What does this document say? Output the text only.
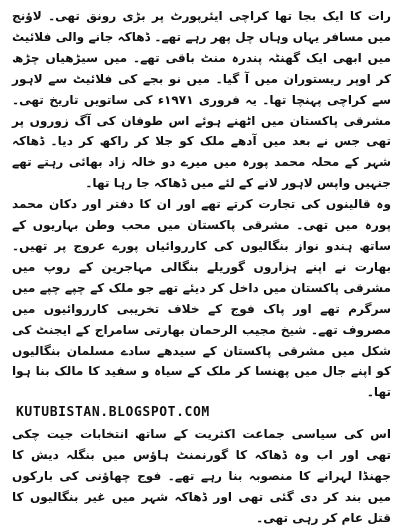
رات کا ایک بجا تھا کراچی ایئرپورٹ پر بڑی رونق تھی۔ لاؤنج میں مسافر یہاں وہاں چل پھر رہے تھے۔ ڈھاکہ جانے والی فلائیٹ میں ابھی ایک گھنٹہ پندرہ منٹ باقی تھے۔ میں سیڑھیاں چڑھ کر اوپر ریستوران میں آ گیا۔ میں نو بجے کی فلائیٹ سے لاہور سے کراچی پہنچا تھا۔ یہ فروری ۱۹۷۱ء کی ساتویں تاریخ تھی۔ مشرقی پاکستان میں اٹھنے ہوئے اس طوفان کی آگ زوروں پر تھی جس نے بعد میں آدھے ملک کو جلا کر راکھ کر دیا۔ ڈھاکہ شہر کے محلہ محمد پورہ میں میرے دو خالہ زاد بھائی رہتے تھے جنہیں واپس لاہور لانے کے لئے میں ڈھاکہ جا رہا تھا۔

وہ قالینوں کی تجارت کرتے تھے اور ان کا دفتر اور دکان محمد پورہ میں تھی۔ مشرقی پاکستان میں محب وطن بہاریوں کے ساتھ ہندو نواز بنگالیوں کی کارروائیاں پورے عروج پر تھیں۔ بھارت نے اپنے ہزاروں گوریلے بنگالی مہاجرین کے روپ میں مشرقی پاکستان میں داخل کر دیئے تھے جو ملک کے چپے چپے میں سرگرم تھے اور پاک فوج کے خلاف تخریبی کارروائیوں میں مصروف تھے۔ شیخ مجیب الرحمان بھارتی سامراج کے ایجنٹ کی شکل میں مشرقی پاکستان کے سیدھے سادے مسلمان بنگالیوں کو اپنے جال میں پھنسا کر ملک کے سیاہ و سفید کا مالک بنا ہوا تھا۔

KUTUBISTAN.BLOGSPOT.COM

اس کی سیاسی جماعت اکثریت کے ساتھ انتخابات جیت چکی تھی اور اب وہ ڈھاکہ کا گورنمنٹ ہاؤس میں بنگلہ دیش کا جھنڈا لہرانے کا منصوبہ بنا رہے تھے۔ فوج چھاؤنی کی بارکوں میں بند کر دی گئی تھی اور ڈھاکہ شہر میں غیر بنگالیوں کا قتل عام کر رہی تھی۔
